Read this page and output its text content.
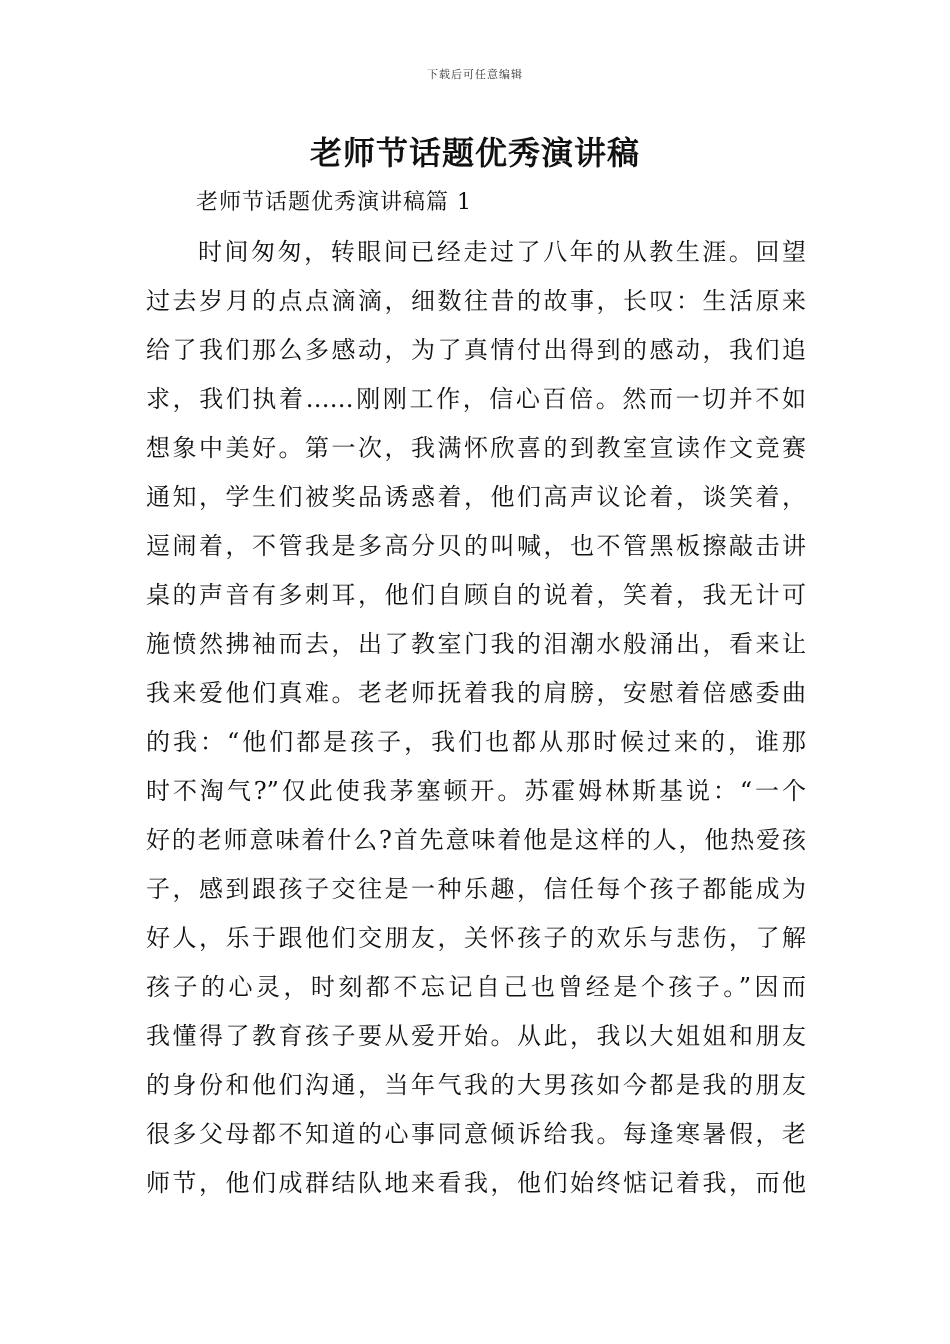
下载后可任意编辑
老师节话题优秀演讲稿
老师节话题优秀演讲稿篇 1
时间匆匆，转眼间已经走过了八年的从教生涯。回望
过去岁月的点点滴滴，细数往昔的故事，长叹：生活原来
给了我们那么多感动，为了真情付出得到的感动，我们追
求，我们执着……刚刚工作，信心百倍。然而一切并不如
想象中美好。第一次，我满怀欣喜的到教室宣读作文竞赛
通知，学生们被奖品诱惑着，他们高声议论着，谈笑着，
逗闹着，不管我是多高分贝的叫喊，也不管黑板擦敲击讲
桌的声音有多刺耳，他们自顾自的说着，笑着，我无计可
施愤然拂袖而去，出了教室门我的泪潮水般涌出，看来让
我来爱他们真难。老老师抚着我的肩膀，安慰着倍感委曲
的我：“他们都是孩子，我们也都从那时候过来的，谁那
时不淘气?”仅此使我茅塞顿开。苏霍姆林斯基说：“一个
好的老师意味着什么?首先意味着他是这样的人，他热爱孩
子，感到跟孩子交往是一种乐趣，信任每个孩子都能成为
好人，乐于跟他们交朋友，关怀孩子的欢乐与悲伤，了解
孩子的心灵，时刻都不忘记自己也曾经是个孩子。”因而
我懂得了教育孩子要从爱开始。从此，我以大姐姐和朋友
的身份和他们沟通，当年气我的大男孩如今都是我的朋友
很多父母都不知道的心事同意倾诉给我。每逢寒暑假，老
师节，他们成群结队地来看我，他们始终惦记着我，而他
